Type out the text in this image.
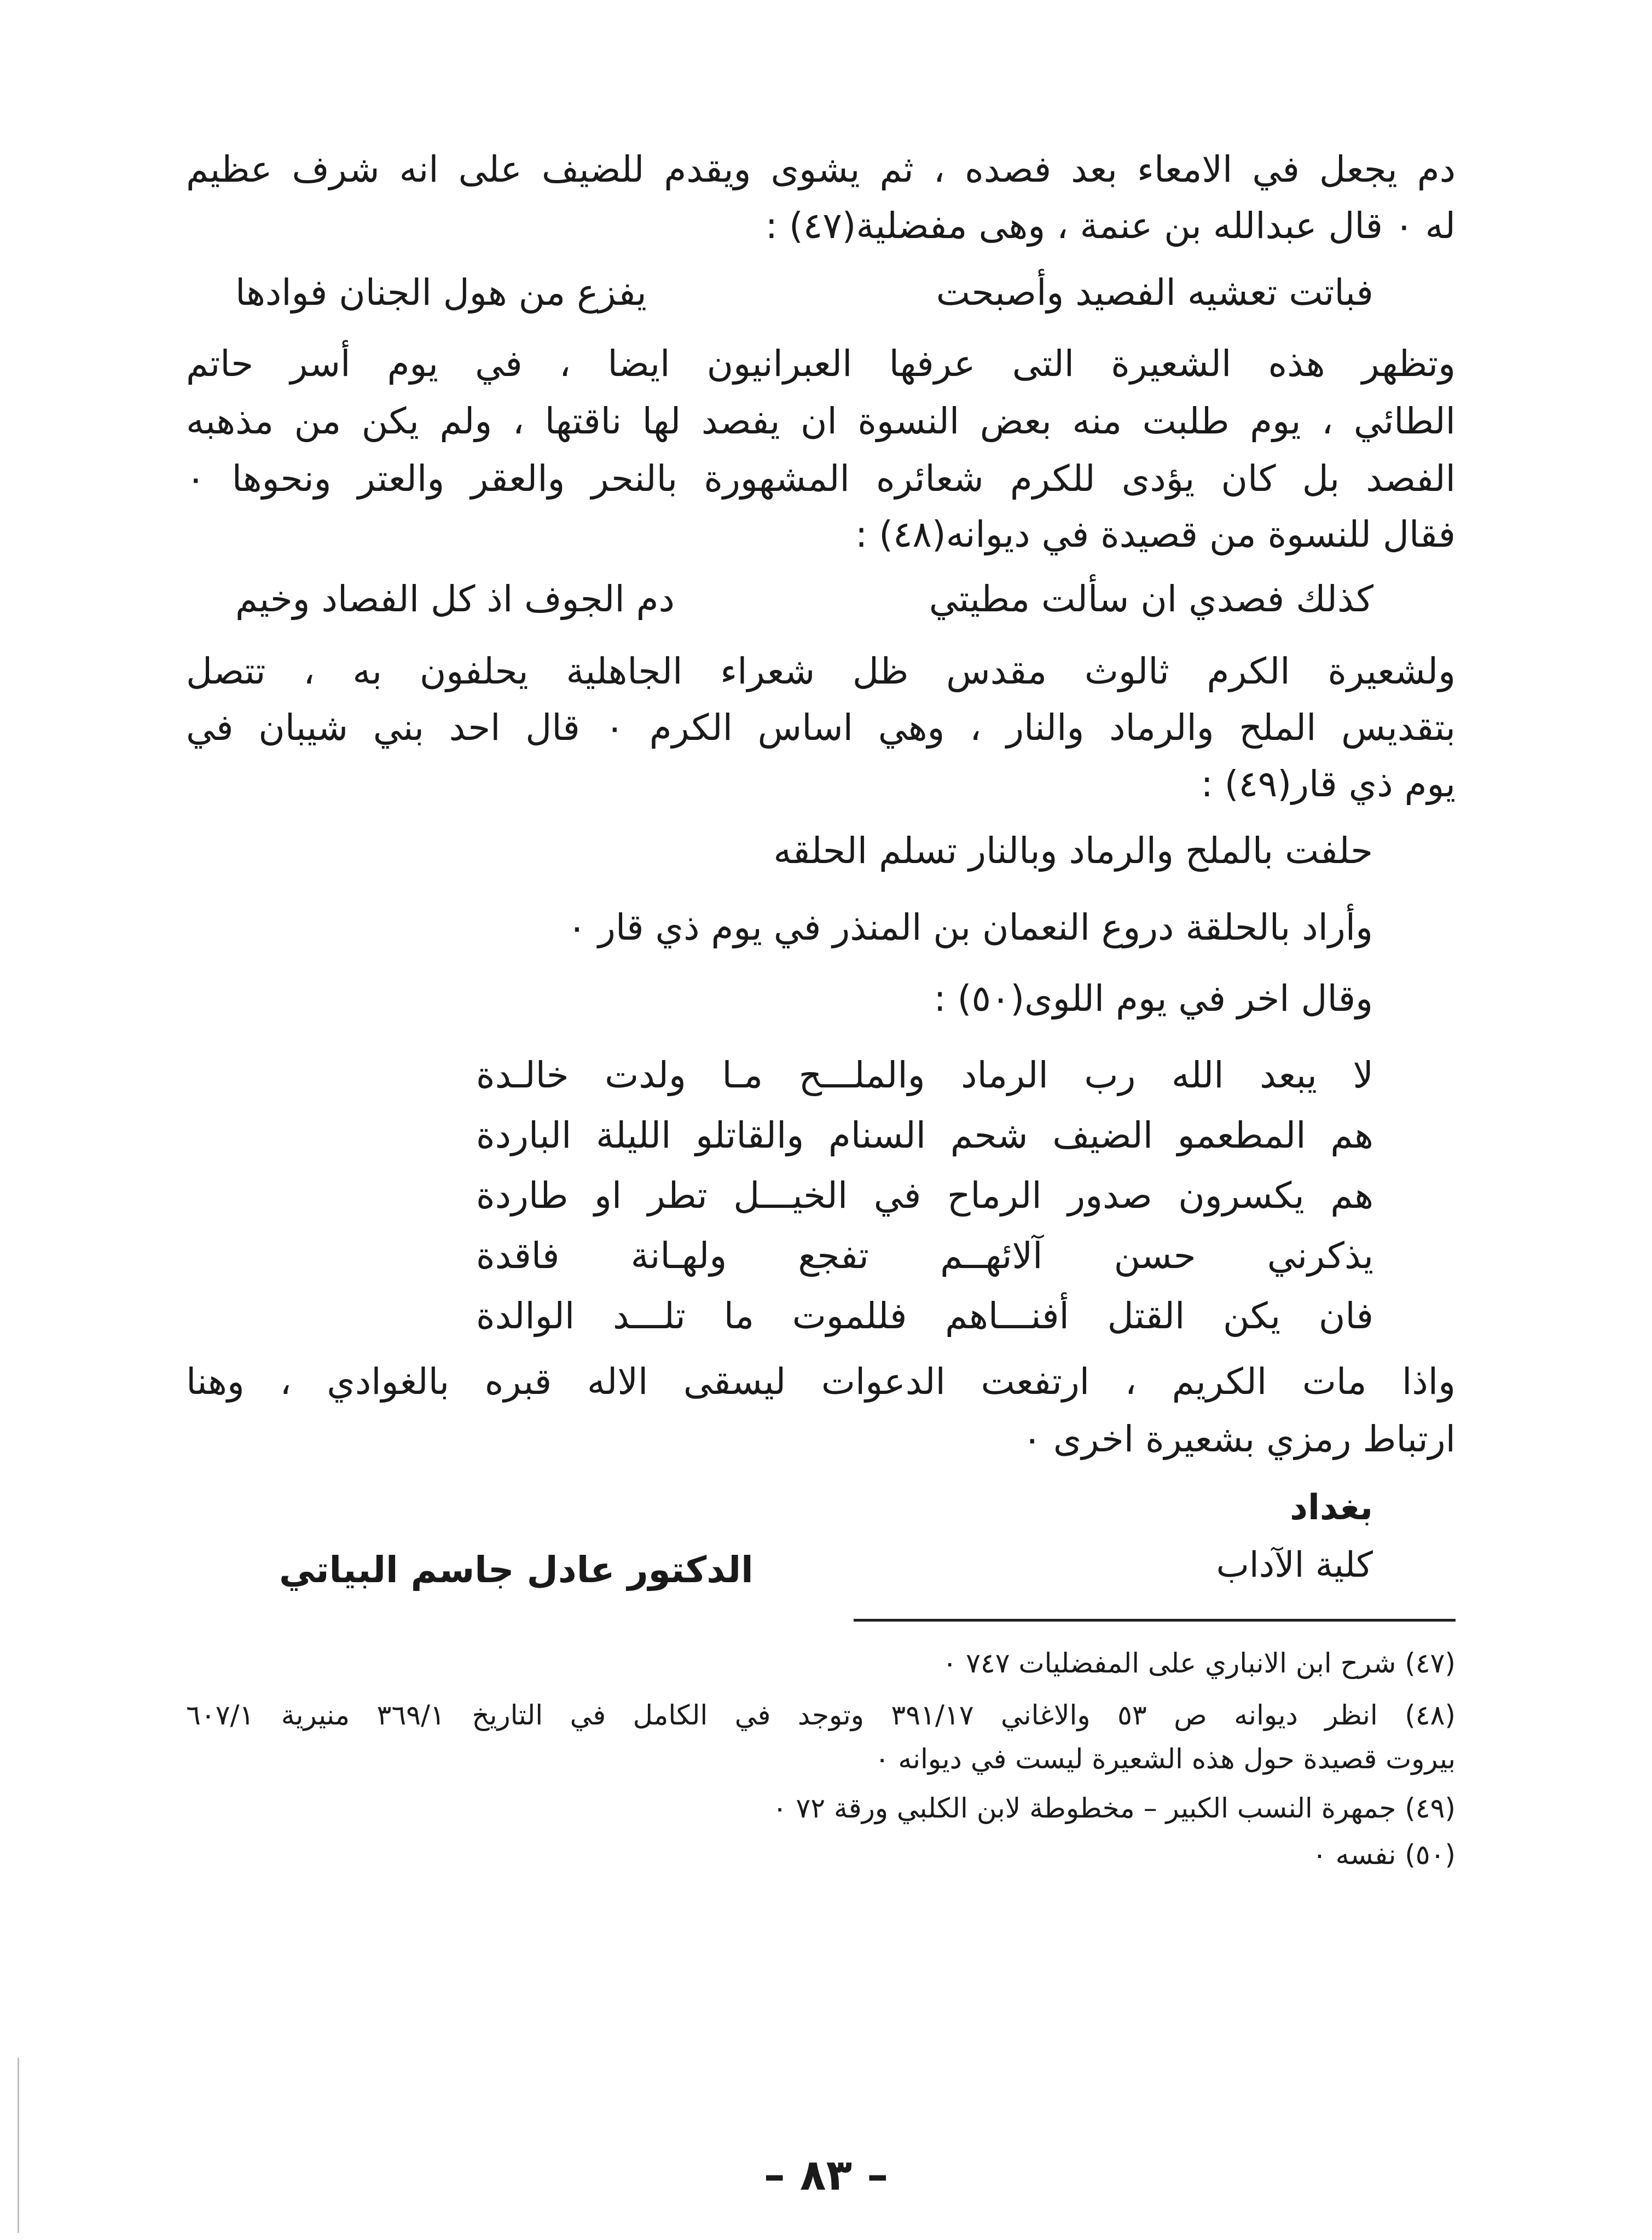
دم يجعل في الامعاء بعد فصده ، ثم يشوى ويقدم للضيف على انه شرف عظيم
له ٠ قال عبدالله بن عنمة ، وهى مفضلية(٤٧) :
فباتت تعشيه الفصيد وأصبحت
يفزع من هول الجنان فوادها
وتظهر هذه الشعيرة التى عرفها العبرانيون ايضا ، في يوم أسر حاتم
الطائي ، يوم طلبت منه بعض النسوة ان يفصد لها ناقتها ، ولم يكن من مذهبه
الفصد بل كان يؤدى للكرم شعائره المشهورة بالنحر والعقر والعتر ونحوها ٠
فقال للنسوة من قصيدة في ديوانه(٤٨) :
كذلك فصدي ان سألت مطيتي
دم الجوف اذ كل الفصاد وخيم
ولشعيرة الكرم ثالوث مقدس ظل شعراء الجاهلية يحلفون به ، تتصل
بتقديس الملح والرماد والنار ، وهي اساس الكرم ٠ قال احد بني شيبان في
يوم ذي قار(٤٩) :
حلفت بالملح والرماد وبالنار تسلم الحلقه
وأراد بالحلقة دروع النعمان بن المنذر في يوم ذي قار ٠
وقال اخر في يوم اللوى(٥٠) :
لا يبعد الله رب الرماد والملـــح مـا ولدت خالـدة
هم المطعمو الضيف شحم السنام والقاتلو الليلة الباردة
هم يكسرون صدور الرماح في الخيـــل تطر او طاردة
يذكرني حسن آلائهــم تفجع ولهـانة فاقدة
فان يكن القتل أفنـــاهم فللموت ما تلـــد الوالدة
واذا مات الكريم ، ارتفعت الدعوات ليسقى الاله قبره بالغوادي ، وهنا
ارتباط رمزي بشعيرة اخرى ٠
بغداد
كلية الآداب
الدكتور عادل جاسم البياتي
(٤٧) شرح ابن الانباري على المفضليات ٧٤٧ ٠
(٤٨) انظر ديوانه ص ٥٣ والاغاني ٣٩١/١٧ وتوجد في الكامل في التاريخ ٣٦٩/١ منيرية ٦٠٧/١
بيروت قصيدة حول هذه الشعيرة ليست في ديوانه ٠
(٤٩) جمهرة النسب الكبير – مخطوطة لابن الكلبي ورقة ٧٢ ٠
(٥٠) نفسه ٠
– ٨٣ –
